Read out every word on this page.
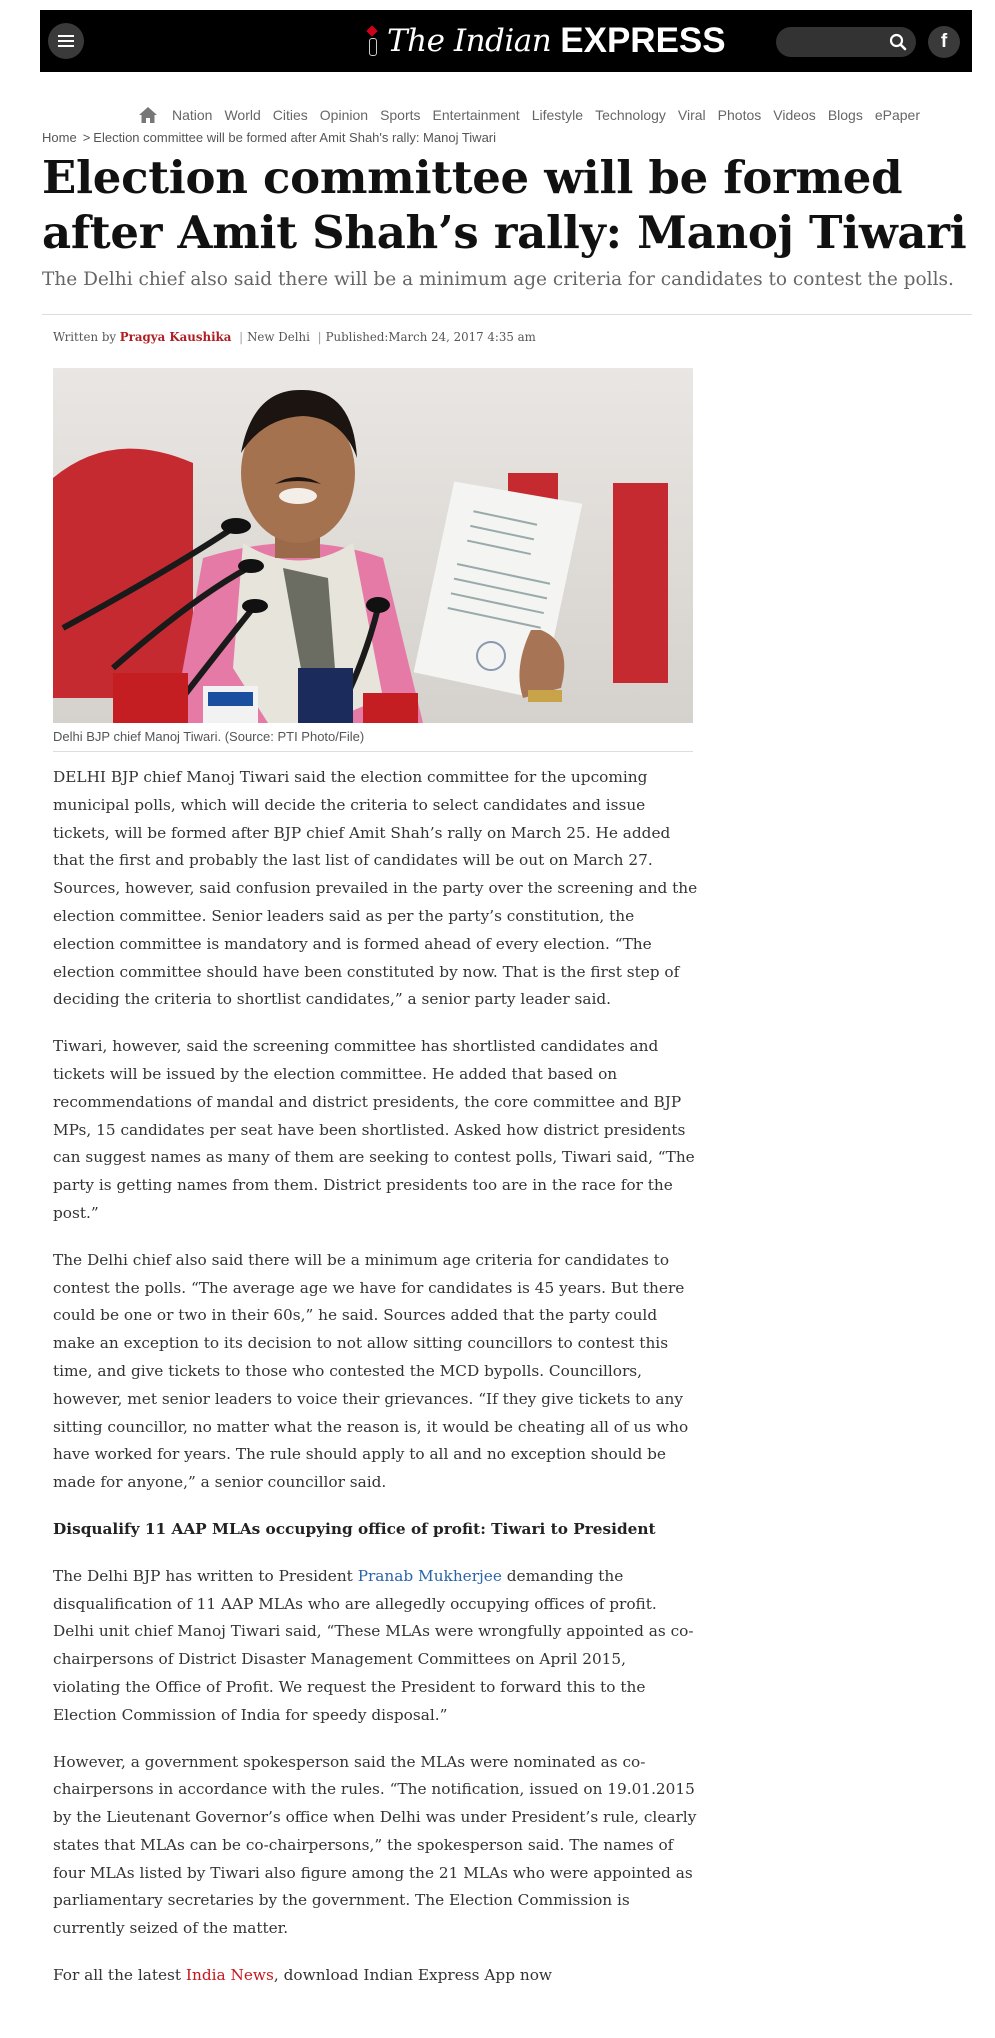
The Indian EXPRESS	f
Nation World Cities Opinion Sports Entertainment Lifestyle Technology Viral Photos Videos Blogs ePaper
Home > Election committee will be formed after Amit Shah's rally: Manoj Tiwari
Election committee will be formed after Amit Shah’s rally: Manoj Tiwari
The Delhi chief also said there will be a minimum age criteria for candidates to contest the polls.
Written by Pragya Kaushika | New Delhi | Published:March 24, 2017 4:35 am
Delhi BJP chief Manoj Tiwari. (Source: PTI Photo/File)

DELHI BJP chief Manoj Tiwari said the election committee for the upcoming municipal polls, which will decide the criteria to select candidates and issue tickets, will be formed after BJP chief Amit Shah’s rally on March 25. He added that the first and probably the last list of candidates will be out on March 27. Sources, however, said confusion prevailed in the party over the screening and the election committee. Senior leaders said as per the party’s constitution, the election committee is mandatory and is formed ahead of every election. “The election committee should have been constituted by now. That is the first step of deciding the criteria to shortlist candidates,” a senior party leader said.

Tiwari, however, said the screening committee has shortlisted candidates and tickets will be issued by the election committee. He added that based on recommendations of mandal and district presidents, the core committee and BJP MPs, 15 candidates per seat have been shortlisted. Asked how district presidents can suggest names as many of them are seeking to contest polls, Tiwari said, “The party is getting names from them. District presidents too are in the race for the post.”

The Delhi chief also said there will be a minimum age criteria for candidates to contest the polls. “The average age we have for candidates is 45 years. But there could be one or two in their 60s,” he said. Sources added that the party could make an exception to its decision to not allow sitting councillors to contest this time, and give tickets to those who contested the MCD bypolls. Councillors, however, met senior leaders to voice their grievances. “If they give tickets to any sitting councillor, no matter what the reason is, it would be cheating all of us who have worked for years. The rule should apply to all and no exception should be made for anyone,” a senior councillor said.

Disqualify 11 AAP MLAs occupying office of profit: Tiwari to President

The Delhi BJP has written to President Pranab Mukherjee demanding the disqualification of 11 AAP MLAs who are allegedly occupying offices of profit. Delhi unit chief Manoj Tiwari said, “These MLAs were wrongfully appointed as co-chairpersons of District Disaster Management Committees on April 2015, violating the Office of Profit. We request the President to forward this to the Election Commission of India for speedy disposal.”

However, a government spokesperson said the MLAs were nominated as co-chairpersons in accordance with the rules. “The notification, issued on 19.01.2015 by the Lieutenant Governor’s office when Delhi was under President’s rule, clearly states that MLAs can be co-chairpersons,” the spokesperson said. The names of four MLAs listed by Tiwari also figure among the 21 MLAs who were appointed as parliamentary secretaries by the government. The Election Commission is currently seized of the matter.

For all the latest India News, download Indian Express App now
